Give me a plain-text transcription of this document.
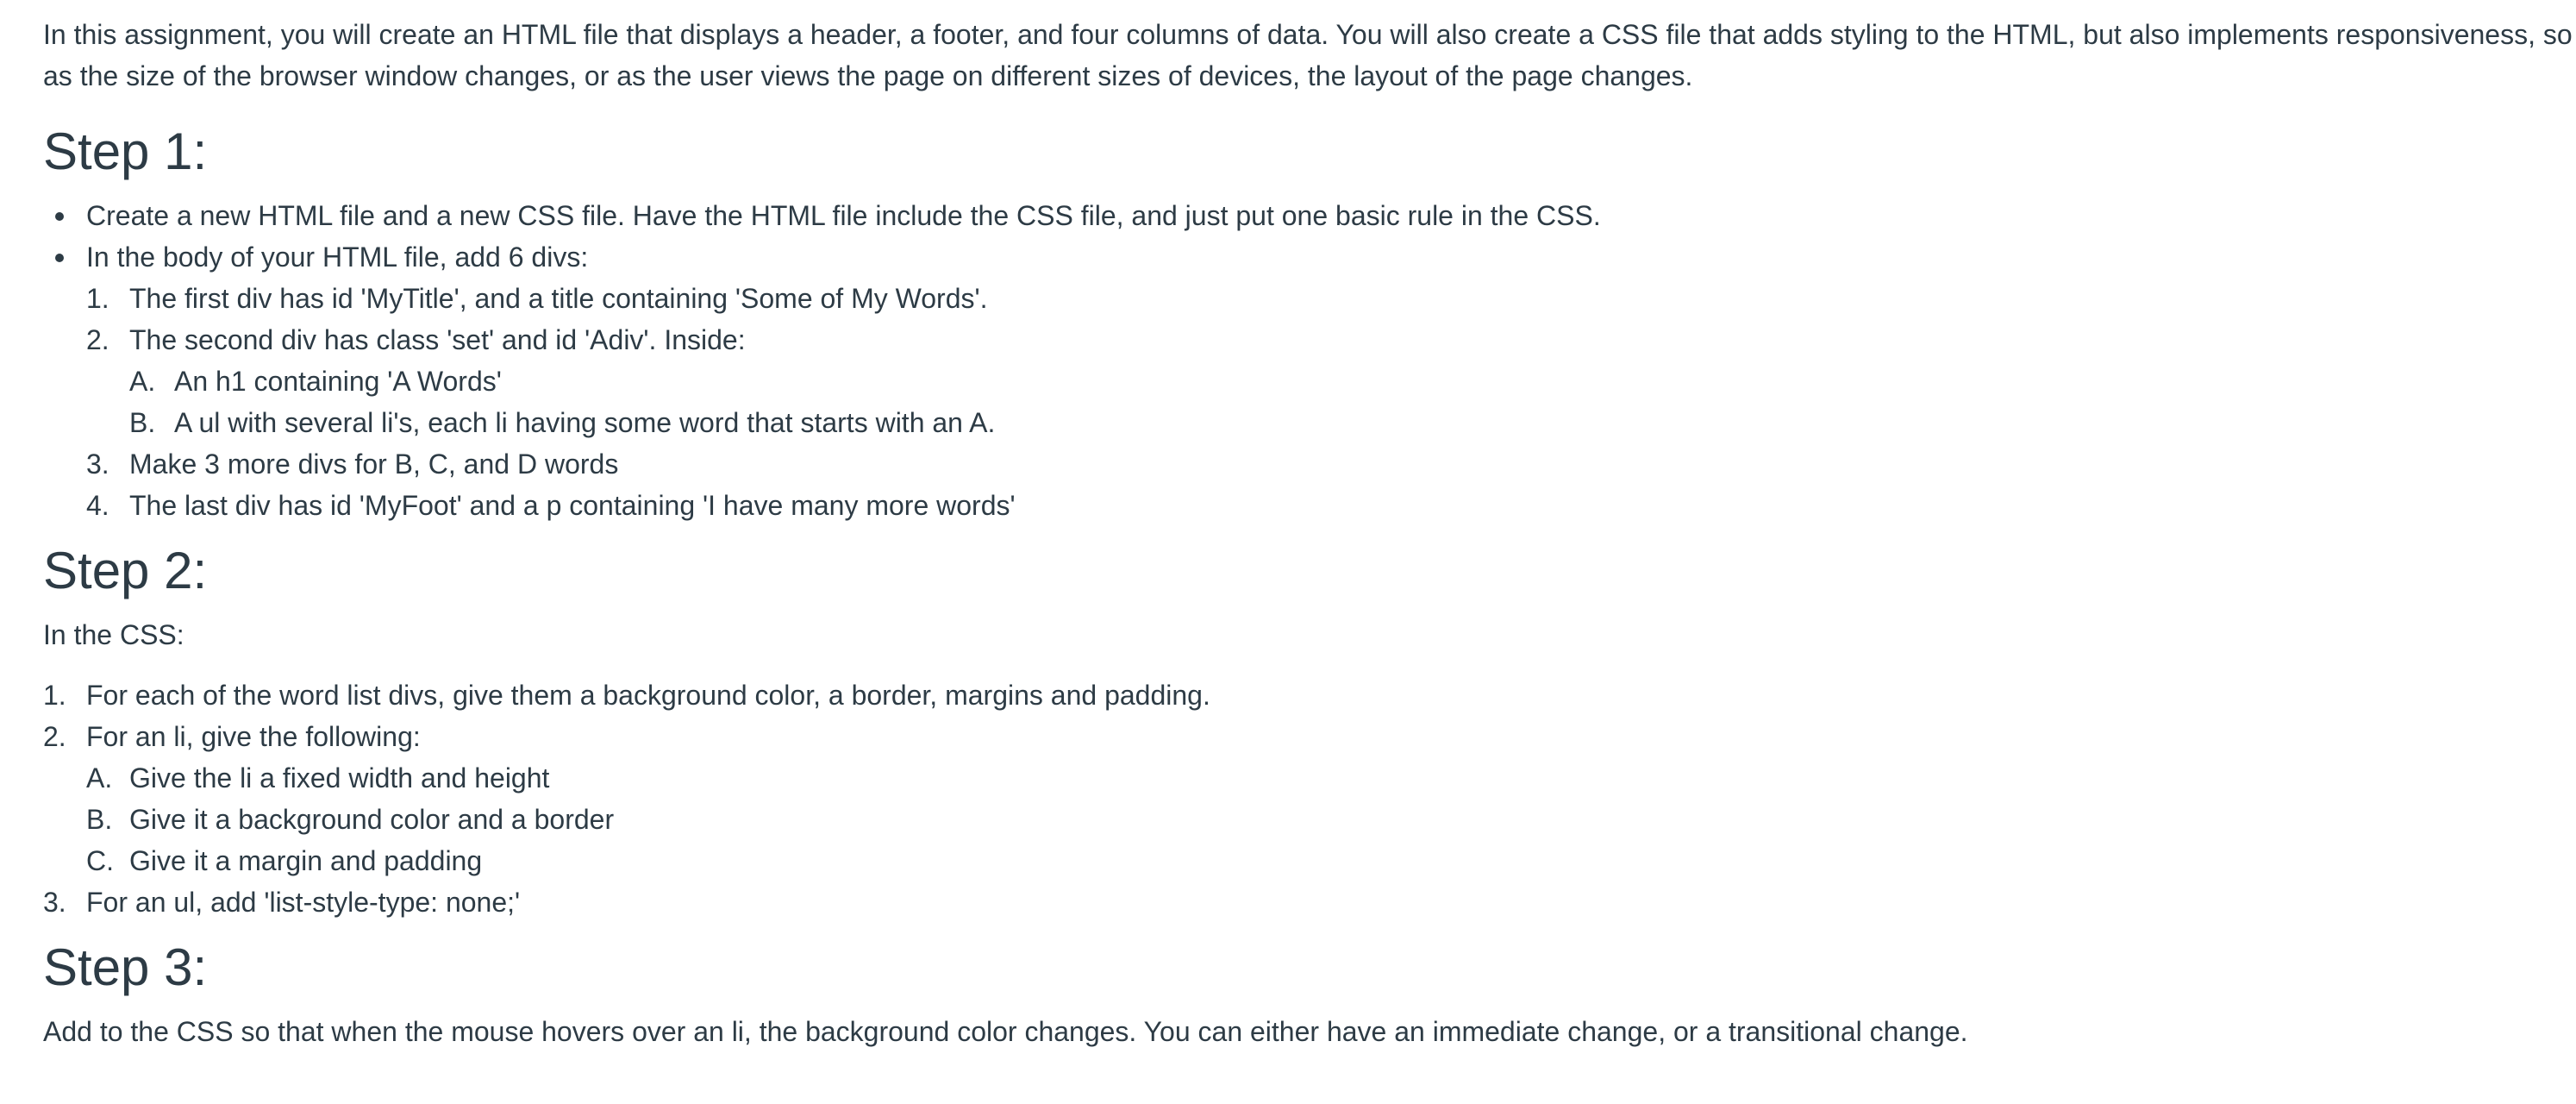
In this assignment, you will create an HTML file that displays a header, a footer, and four columns of data. You will also create a CSS file that adds styling to the HTML, but also implements responsiveness, so as the size of the browser window changes, or as the user views the page on different sizes of devices, the layout of the page changes.

Step 1:
Create a new HTML file and a new CSS file. Have the HTML file include the CSS file, and just put one basic rule in the CSS.
In the body of your HTML file, add 6 divs:
1. The first div has id 'MyTitle', and a title containing 'Some of My Words'.
2. The second div has class 'set' and id 'Adiv'. Inside:
A. An h1 containing 'A Words'
B. A ul with several li's, each li having some word that starts with an A.
3. Make 3 more divs for B, C, and D words
4. The last div has id 'MyFoot' and a p containing 'I have many more words'
Step 2:

In the CSS:

1. For each of the word list divs, give them a background color, a border, margins and padding.
2. For an li, give the following:
A. Give the li a fixed width and height
B. Give it a background color and a border
C. Give it a margin and padding
3. For an ul, add 'list-style-type: none;'
Step 3:

Add to the CSS so that when the mouse hovers over an li, the background color changes. You can either have an immediate change, or a transitional change.
